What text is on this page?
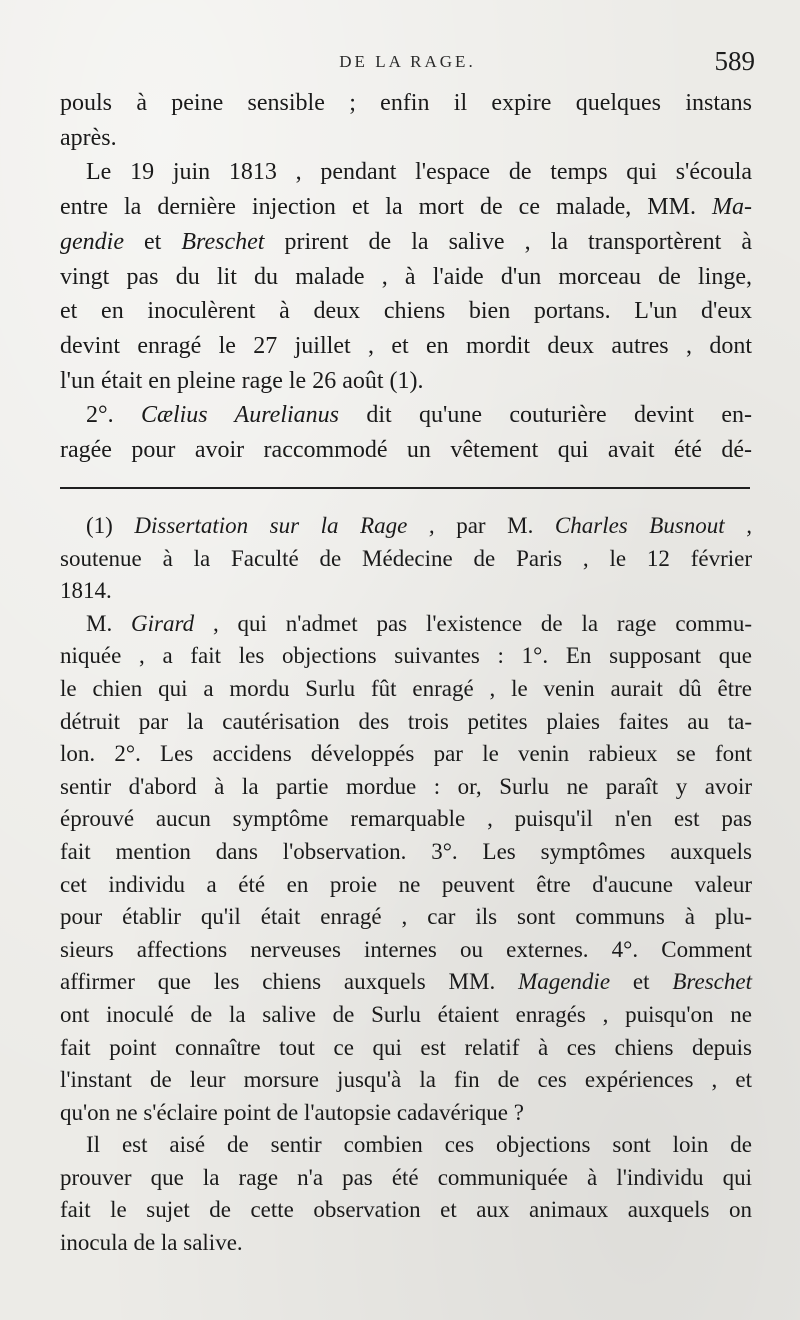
DE LA RAGE.	589
pouls à peine sensible ; enfin il expire quelques instans
après.
Le 19 juin 1813 , pendant l'espace de temps qui s'écoula
entre la dernière injection et la mort de ce malade, MM. Ma-
gendie et Breschet prirent de la salive , la transportèrent à
vingt pas du lit du malade , à l'aide d'un morceau de linge,
et en inoculèrent à deux chiens bien portans. L'un d'eux
devint enragé le 27 juillet , et en mordit deux autres , dont
l'un était en pleine rage le 26 août (1).
2°. Cælius Aurelianus dit qu'une couturière devint en-
ragée pour avoir raccommodé un vêtement qui avait été dé-
(1) Dissertation sur la Rage , par M. Charles Busnout ,
soutenue à la Faculté de Médecine de Paris , le 12 février
1814.
M. Girard , qui n'admet pas l'existence de la rage commu-
niquée , a fait les objections suivantes : 1°. En supposant que
le chien qui a mordu Surlu fût enragé , le venin aurait dû être
détruit par la cautérisation des trois petites plaies faites au ta-
lon. 2°. Les accidens développés par le venin rabieux se font
sentir d'abord à la partie mordue : or, Surlu ne paraît y avoir
éprouvé aucun symptôme remarquable , puisqu'il n'en est pas
fait mention dans l'observation. 3°. Les symptômes auxquels
cet individu a été en proie ne peuvent être d'aucune valeur
pour établir qu'il était enragé , car ils sont communs à plu-
sieurs affections nerveuses internes ou externes. 4°. Comment
affirmer que les chiens auxquels MM. Magendie et Breschet
ont inoculé de la salive de Surlu étaient enragés , puisqu'on ne
fait point connaître tout ce qui est relatif à ces chiens depuis
l'instant de leur morsure jusqu'à la fin de ces expériences , et
qu'on ne s'éclaire point de l'autopsie cadavérique ?
Il est aisé de sentir combien ces objections sont loin de
prouver que la rage n'a pas été communiquée à l'individu qui
fait le sujet de cette observation et aux animaux auxquels on
inocula de la salive.
